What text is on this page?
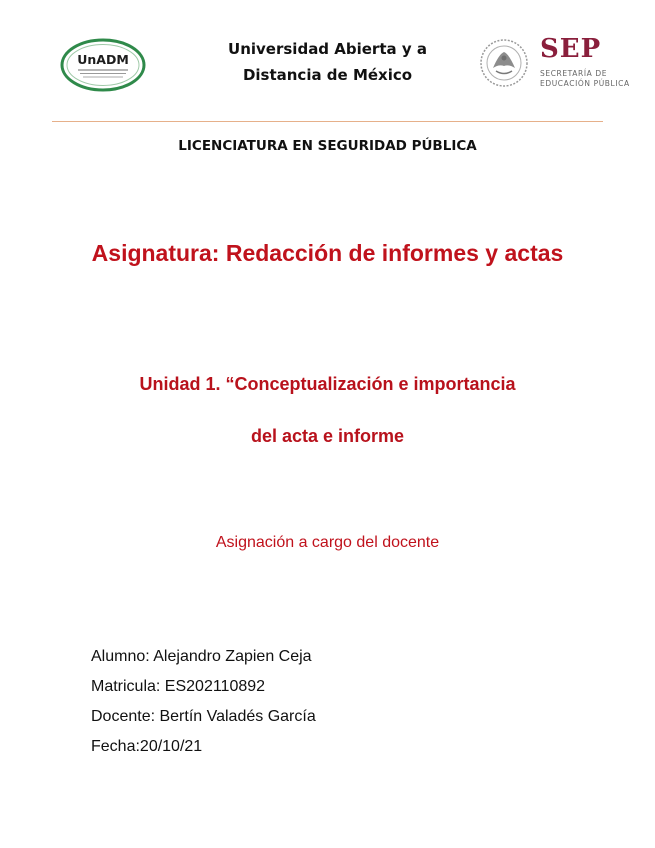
UnADM
Universidad Abierta y a
Distancia de México
SEP
SECRETARÍA DE
EDUCACIÓN PÚBLICA
LICENCIATURA EN SEGURIDAD PÚBLICA
Asignatura: Redacción de informes y actas
Unidad 1. “Conceptualización e importancia
del acta e informe
Asignación a cargo del docente
Alumno: Alejandro Zapien Ceja
Matricula: ES202110892
Docente: Bertín Valadés García
Fecha:20/10/21
